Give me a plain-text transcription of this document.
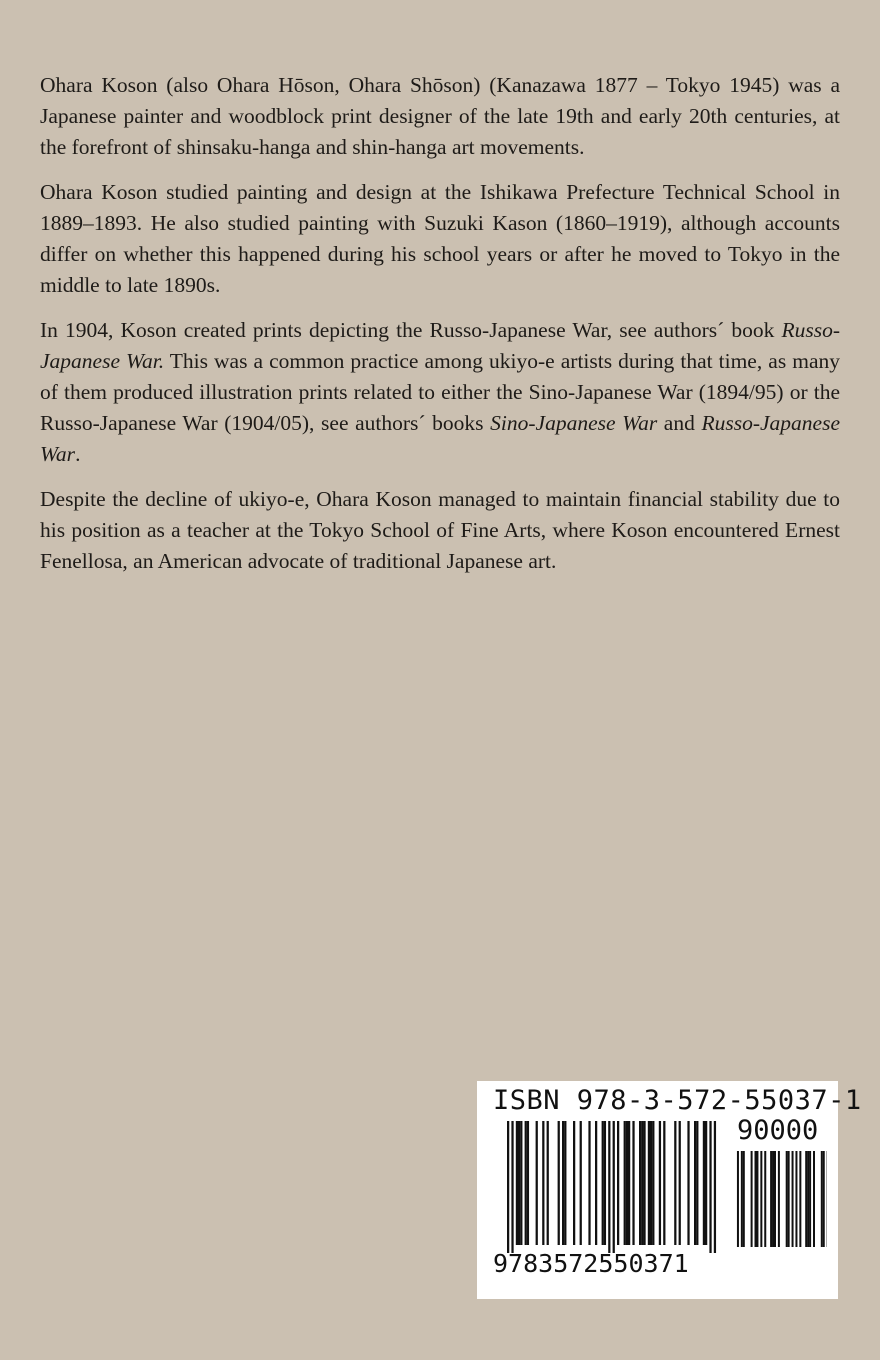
Ohara Koson (also Ohara Hōson, Ohara Shōson) (Kanazawa 1877 – Tokyo 1945) was a Japanese painter and woodblock print designer of the late 19th and early 20th centuries, at the forefront of shinsaku-hanga and shin-hanga art movements.

Ohara Koson studied painting and design at the Ishikawa Prefecture Technical School in 1889–1893. He also studied painting with Suzuki Kason (1860–1919), although accounts differ on whether this happened during his school years or after he moved to Tokyo in the middle to late 1890s.

In 1904, Koson created prints depicting the Russo-Japanese War, see authors´ book Russo-Japanese War. This was a common practice among ukiyo-e artists during that time, as many of them produced illustration prints related to either the Sino-Japanese War (1894/95) or the Russo-Japanese War (1904/05), see authors´ books Sino-Japanese War and Russo-Japanese War.

Despite the decline of ukiyo-e, Ohara Koson managed to maintain financial stability due to his position as a teacher at the Tokyo School of Fine Arts, where Koson encountered Ernest Fenellosa, an American advocate of traditional Japanese art.

ISBN 978-3-572-55037-1
90000
9783572550371
